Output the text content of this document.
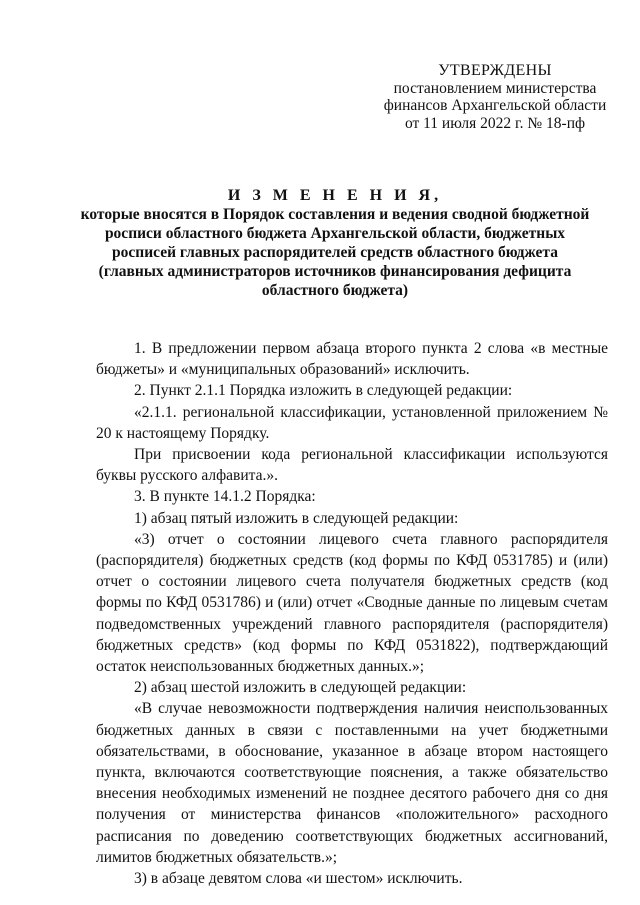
УТВЕРЖДЕНЫ
постановлением министерства
финансов Архангельской области
от 11 июля 2022 г. № 18-пф
И З М Е Н Е Н И Я,
которые вносятся в Порядок составления и ведения сводной бюджетной
росписи областного бюджета Архангельской области, бюджетных
росписей главных распорядителей средств областного бюджета
(главных администраторов источников финансирования дефицита
областного бюджета)

1. В предложении первом абзаца второго пункта 2 слова «в местные бюджеты» и «муниципальных образований» исключить.

2. Пункт 2.1.1 Порядка изложить в следующей редакции:

«2.1.1. региональной классификации, установленной приложением № 20 к настоящему Порядку.

При присвоении кода региональной классификации используются буквы русского алфавита.».

3. В пункте 14.1.2 Порядка:

1) абзац пятый изложить в следующей редакции:

«3) отчет о состоянии лицевого счета главного распорядителя (распорядителя) бюджетных средств (код формы по КФД 0531785) и (или) отчет о состоянии лицевого счета получателя бюджетных средств (код формы по КФД 0531786) и (или) отчет «Сводные данные по лицевым счетам подведомственных учреждений главного распорядителя (распорядителя) бюджетных средств» (код формы по КФД 0531822), подтверждающий остаток неиспользованных бюджетных данных.»;

2) абзац шестой изложить в следующей редакции:

«В случае невозможности подтверждения наличия неиспользованных бюджетных данных в связи с поставленными на учет бюджетными обязательствами, в обоснование, указанное в абзаце втором настоящего пункта, включаются соответствующие пояснения, а также обязательство внесения необходимых изменений не позднее десятого рабочего дня со дня получения от министерства финансов «положительного» расходного расписания по доведению соответствующих бюджетных ассигнований, лимитов бюджетных обязательств.»;

3) в абзаце девятом слова «и шестом» исключить.
